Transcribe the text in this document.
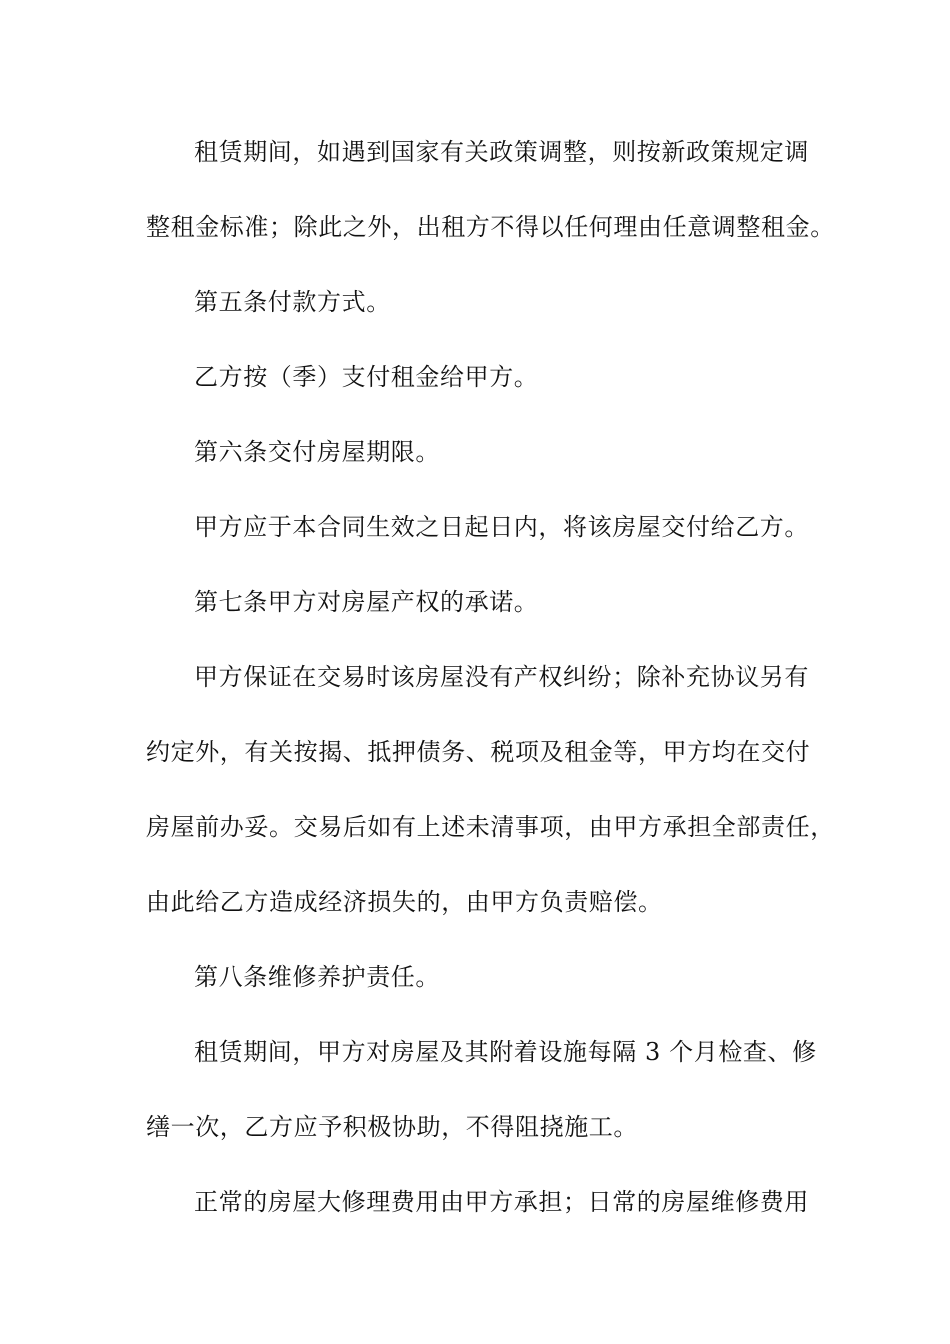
租赁期间，如遇到国家有关政策调整，则按新政策规定调
整租金标准；除此之外，出租方不得以任何理由任意调整租金。
第五条付款方式。
乙方按（季）支付租金给甲方。
第六条交付房屋期限。
甲方应于本合同生效之日起日内，将该房屋交付给乙方。
第七条甲方对房屋产权的承诺。
甲方保证在交易时该房屋没有产权纠纷；除补充协议另有
约定外，有关按揭、抵押债务、税项及租金等，甲方均在交付
房屋前办妥。交易后如有上述未清事项，由甲方承担全部责任，
由此给乙方造成经济损失的，由甲方负责赔偿。
第八条维修养护责任。
租赁期间，甲方对房屋及其附着设施每隔 3 个月检查、修
缮一次，乙方应予积极协助，不得阻挠施工。
正常的房屋大修理费用由甲方承担；日常的房屋维修费用
